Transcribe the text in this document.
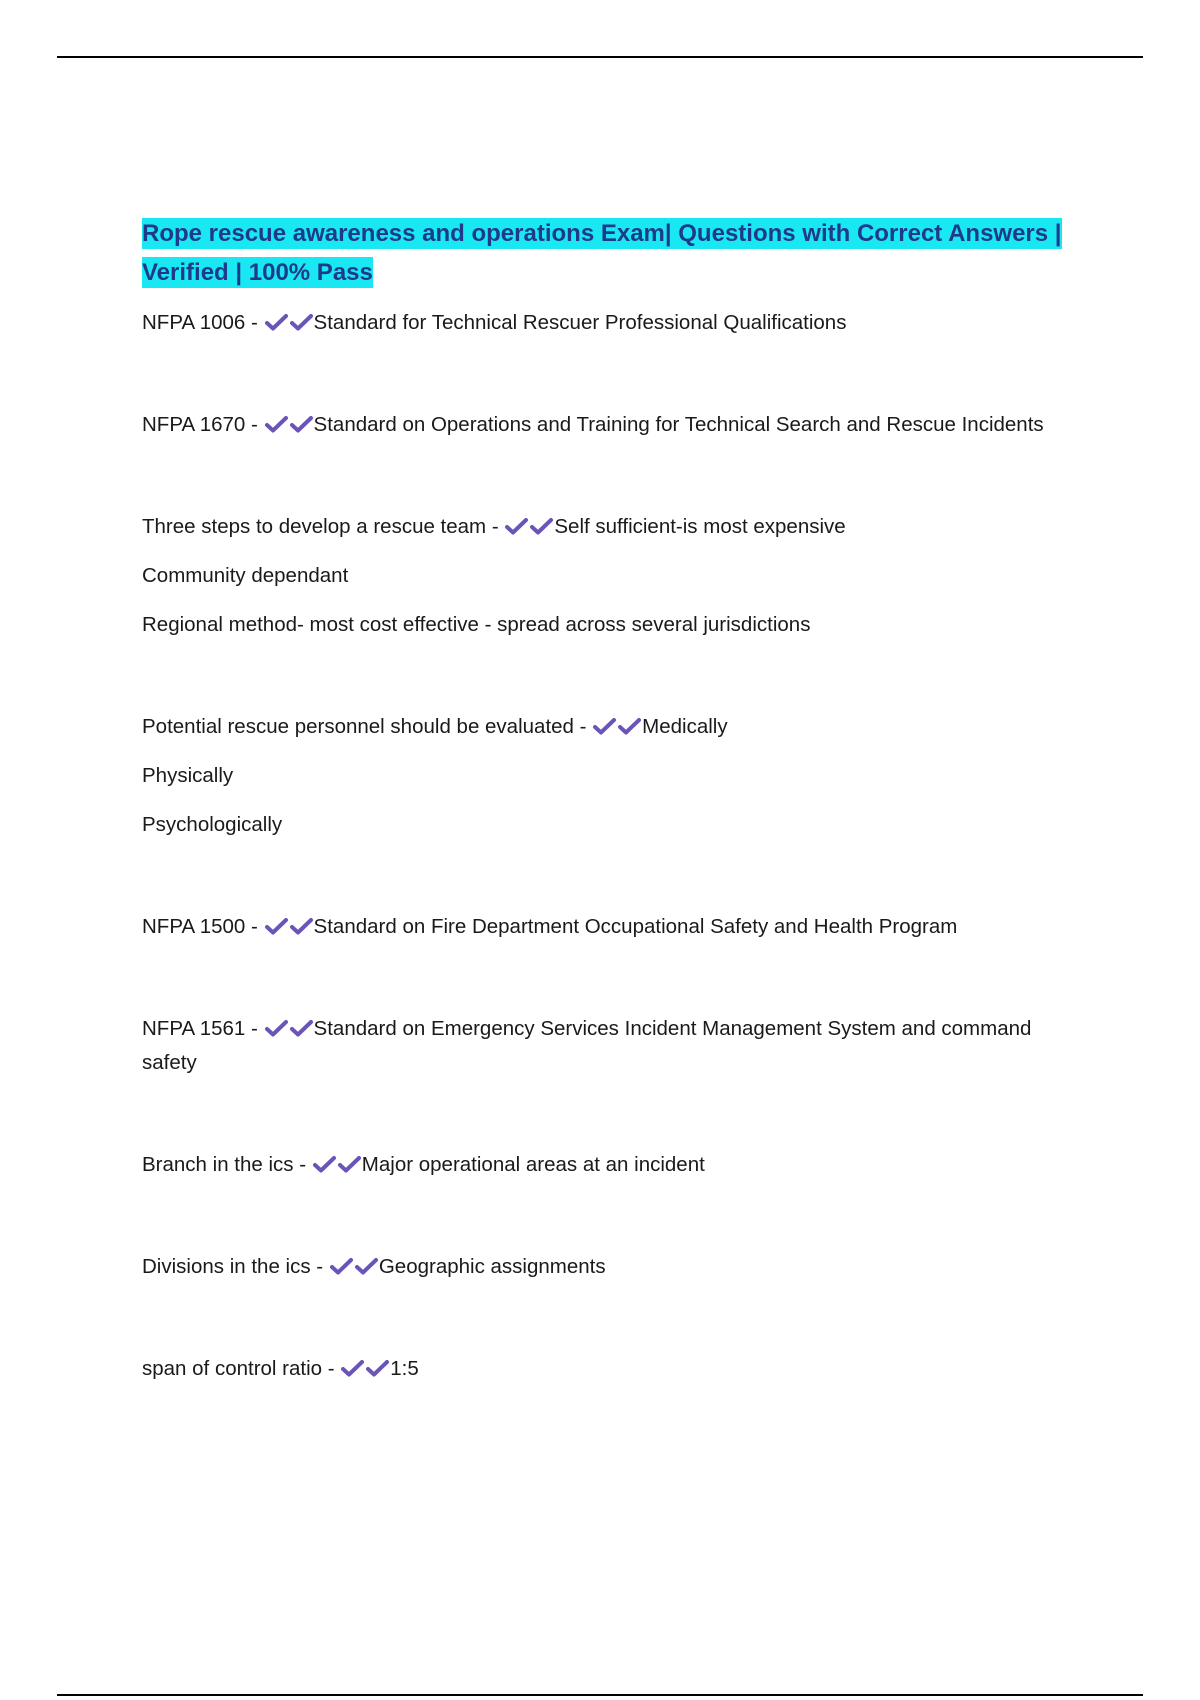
Rope rescue awareness and operations Exam| Questions with Correct Answers | Verified | 100% Pass
NFPA 1006 -	Standard for Technical Rescuer Professional Qualifications
NFPA 1670 -	Standard on Operations and Training for Technical Search and Rescue Incidents
Three steps to develop a rescue team -	Self sufficient-is most expensive
Community dependant
Regional method- most cost effective - spread across several jurisdictions
Potential rescue personnel should be evaluated -	Medically
Physically
Psychologically
NFPA 1500 -	Standard on Fire Department Occupational Safety and Health Program
NFPA 1561 -	Standard on Emergency Services Incident Management System and command safety
Branch in the ics -	Major operational areas at an incident
Divisions in the ics -	Geographic assignments
span of control ratio -	1:5
